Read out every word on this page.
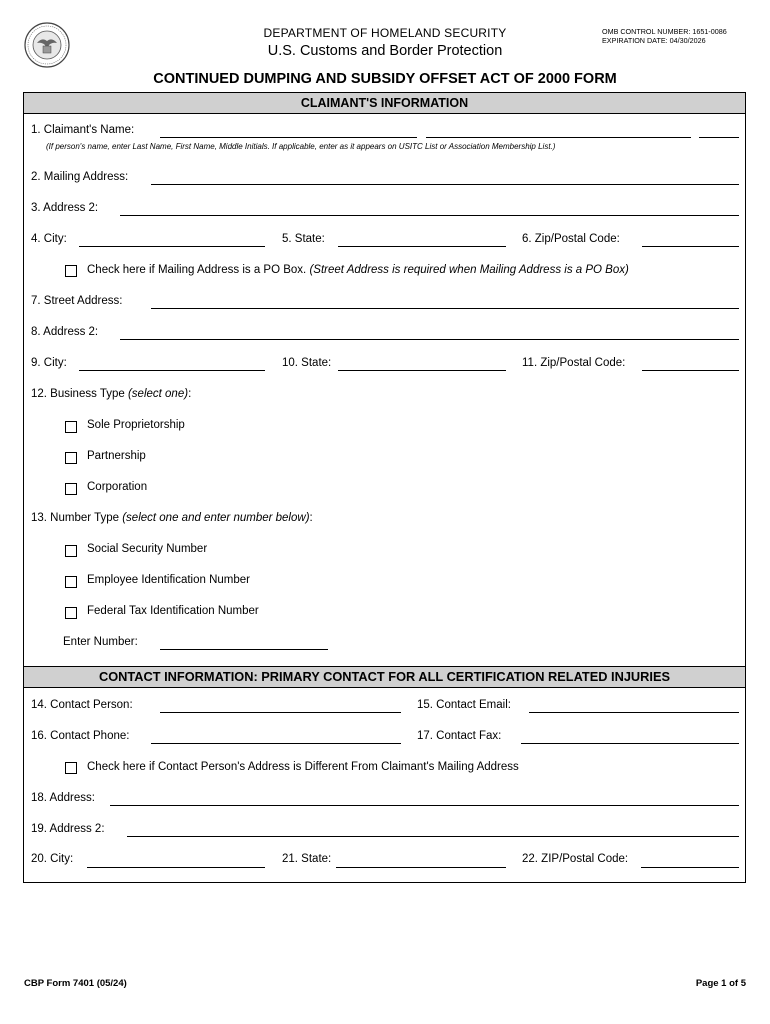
DEPARTMENT OF HOMELAND SECURITY
U.S. Customs and Border Protection
OMB CONTROL NUMBER: 1651-0086
EXPIRATION DATE: 04/30/2026
CONTINUED DUMPING AND SUBSIDY OFFSET ACT OF 2000 FORM
CLAIMANT'S INFORMATION
1. Claimant's Name:
(If person's name, enter Last Name, First Name, Middle Initials. If applicable, enter as it appears on USITC List or Association Membership List.)
2. Mailing Address:
3. Address 2:
4. City:	5. State:	6. Zip/Postal Code:
Check here if Mailing Address is a PO Box. (Street Address is required when Mailing Address is a PO Box)
7. Street Address:
8. Address 2:
9. City:	10. State:	11. Zip/Postal Code:
12. Business Type (select one):
Sole Proprietorship
Partnership
Corporation
13. Number Type (select one and enter number below):
Social Security Number
Employee Identification Number
Federal Tax Identification Number
Enter Number:
CONTACT INFORMATION: PRIMARY CONTACT FOR ALL CERTIFICATION RELATED INJURIES
14. Contact Person:	15. Contact Email:
16. Contact Phone:	17. Contact Fax:
Check here if Contact Person's Address is Different From Claimant's Mailing Address
18. Address:
19. Address 2:
20. City:	21. State:	22. ZIP/Postal Code:
CBP Form 7401 (05/24)	Page 1 of 5
